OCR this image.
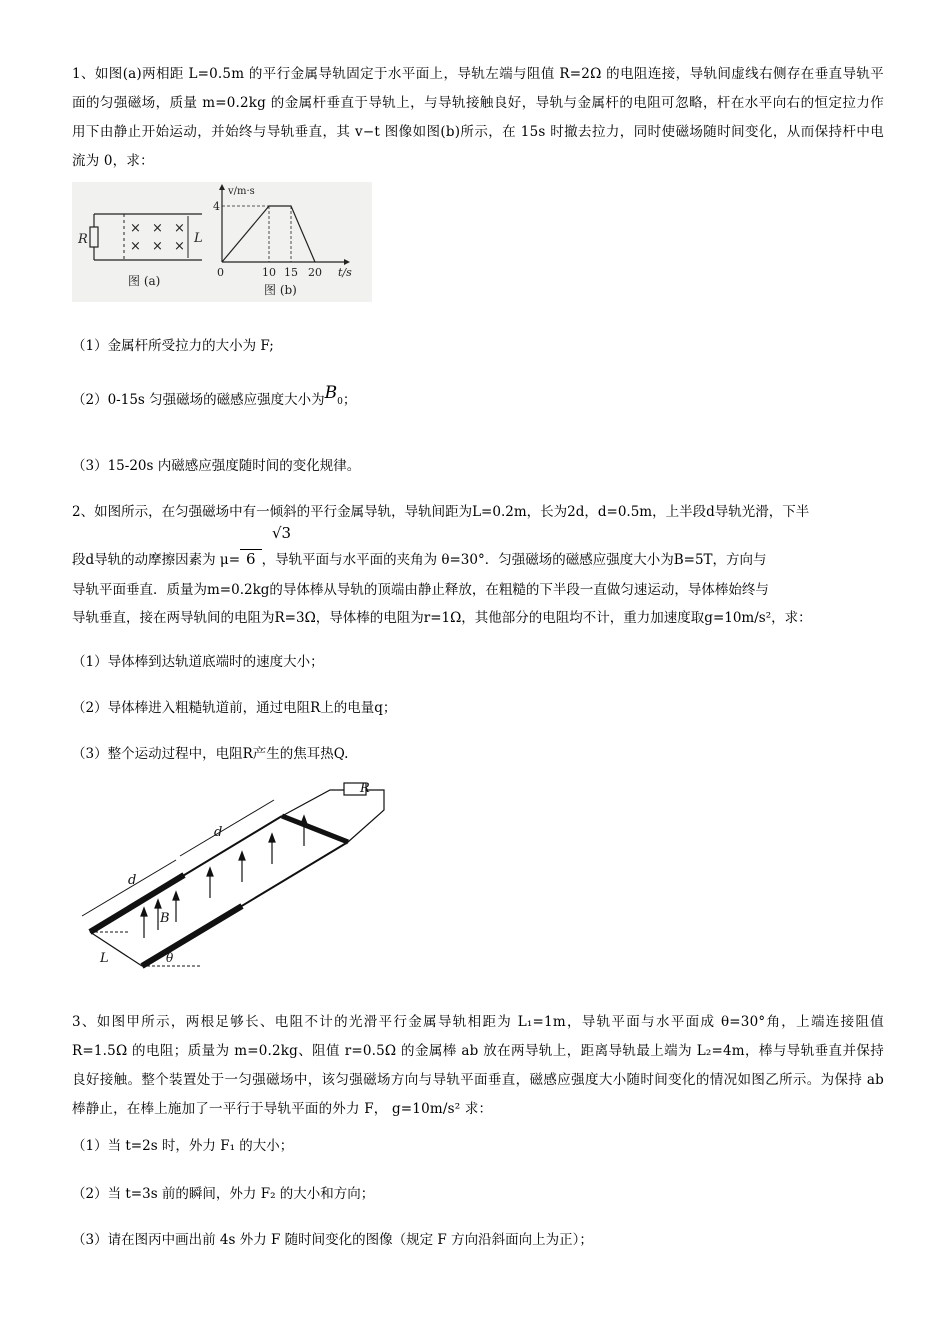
1、如图(a)两相距 L=0.5m 的平行金属导轨固定于水平面上，导轨左端与阻值 R=2Ω 的电阻连接，导轨间虚线右侧存在垂直导轨平面的匀强磁场，质量 m=0.2kg 的金属杆垂直于导轨上，与导轨接触良好，导轨与金属杆的电阻可忽略，杆在水平向右的恒定拉力作用下由静止开始运动，并始终与导轨垂直，其 v−t 图像如图(b)所示，在 15s 时撤去拉力，同时使磁场随时间变化，从而保持杆中电流为 0，求：
× × ×
× × ×
R	L
图 (a)
v/m·s
t/s
4
0	10 15 20
图 (b)
（1）金属杆所受拉力的大小为 F;
（2）0-15s 匀强磁场的磁感应强度大小为$B_0$；
（3）15-20s 内磁感应强度随时间的变化规律。
2、如图所示，在匀强磁场中有一倾斜的平行金属导轨，导轨间距为L=0.2m，长为2d，d=0.5m，上半段d导轨光滑，下半
√3
段d导轨的动摩擦因素为 μ= 6 ，导轨平面与水平面的夹角为 θ=30°．匀强磁场的磁感应强度大小为B=5T，方向与
导轨平面垂直．质量为m=0.2kg的导体棒从导轨的顶端由静止释放，在粗糙的下半段一直做匀速运动，导体棒始终与
导轨垂直，接在两导轨间的电阻为R=3Ω，导体棒的电阻为r=1Ω，其他部分的电阻均不计，重力加速度取g=10m/s²，求：
（1）导体棒到达轨道底端时的速度大小；
（2）导体棒进入粗糙轨道前，通过电阻R上的电量q；
（3）整个运动过程中，电阻R产生的焦耳热Q.
R
B
d
d
L	θ
3、如图甲所示，两根足够长、电阻不计的光滑平行金属导轨相距为 L₁=1m，导轨平面与水平面成 θ=30°角，上端连接阻值 R=1.5Ω 的电阻；质量为 m=0.2kg、阻值 r=0.5Ω 的金属棒 ab 放在两导轨上，距离导轨最上端为 L₂=4m，棒与导轨垂直并保持良好接触。整个装置处于一匀强磁场中，该匀强磁场方向与导轨平面垂直，磁感应强度大小随时间变化的情况如图乙所示。为保持 ab 棒静止，在棒上施加了一平行于导轨平面的外力 F， g=10m/s² 求：
（1）当 t=2s 时，外力 F₁ 的大小；
（2）当 t=3s 前的瞬间，外力 F₂ 的大小和方向；
（3）请在图丙中画出前 4s 外力 F 随时间变化的图像（规定 F 方向沿斜面向上为正）；
